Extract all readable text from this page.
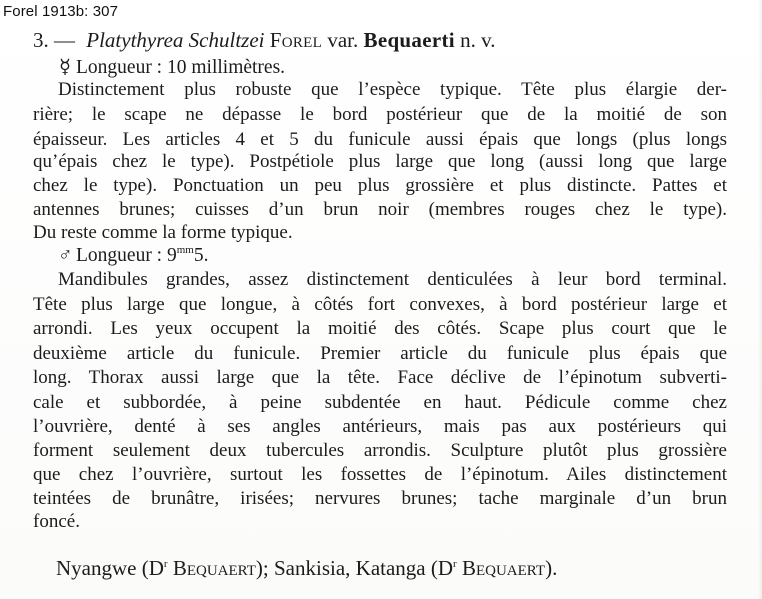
Forel 1913b: 307
3. — Platythyrea Schultzei Forel var. Bequaerti n. v.
☿ Longueur : 10 millimètres.
Distinctement plus robuste que l’espèce typique. Tête plus élargie der-
rière; le scape ne dépasse le bord postérieur que de la moitié de son
épaisseur. Les articles 4 et 5 du funicule aussi épais que longs (plus longs
qu’épais chez le type). Postpétiole plus large que long (aussi long que large
chez le type). Ponctuation un peu plus grossière et plus distincte. Pattes et
antennes brunes; cuisses d’un brun noir (membres rouges chez le type).
Du reste comme la forme typique.
♂ Longueur : $9^{mm}5$.
Mandibules grandes, assez distinctement denticulées à leur bord terminal.
Tête plus large que longue, à côtés fort convexes, à bord postérieur large et
arrondi. Les yeux occupent la moitié des côtés. Scape plus court que le
deuxième article du funicule. Premier article du funicule plus épais que
long. Thorax aussi large que la tête. Face déclive de l’épinotum subverti-
cale et subbordée, à peine subdentée en haut. Pédicule comme chez
l’ouvrière, denté à ses angles antérieurs, mais pas aux postérieurs qui
forment seulement deux tubercules arrondis. Sculpture plutôt plus grossière
que chez l’ouvrière, surtout les fossettes de l’épinotum. Ailes distinctement
teintées de brunâtre, irisées; nervures brunes; tache marginale d’un brun
foncé.
Nyangwe ($D^r$ Bequaert); Sankisia, Katanga ($D^r$ Bequaert).
